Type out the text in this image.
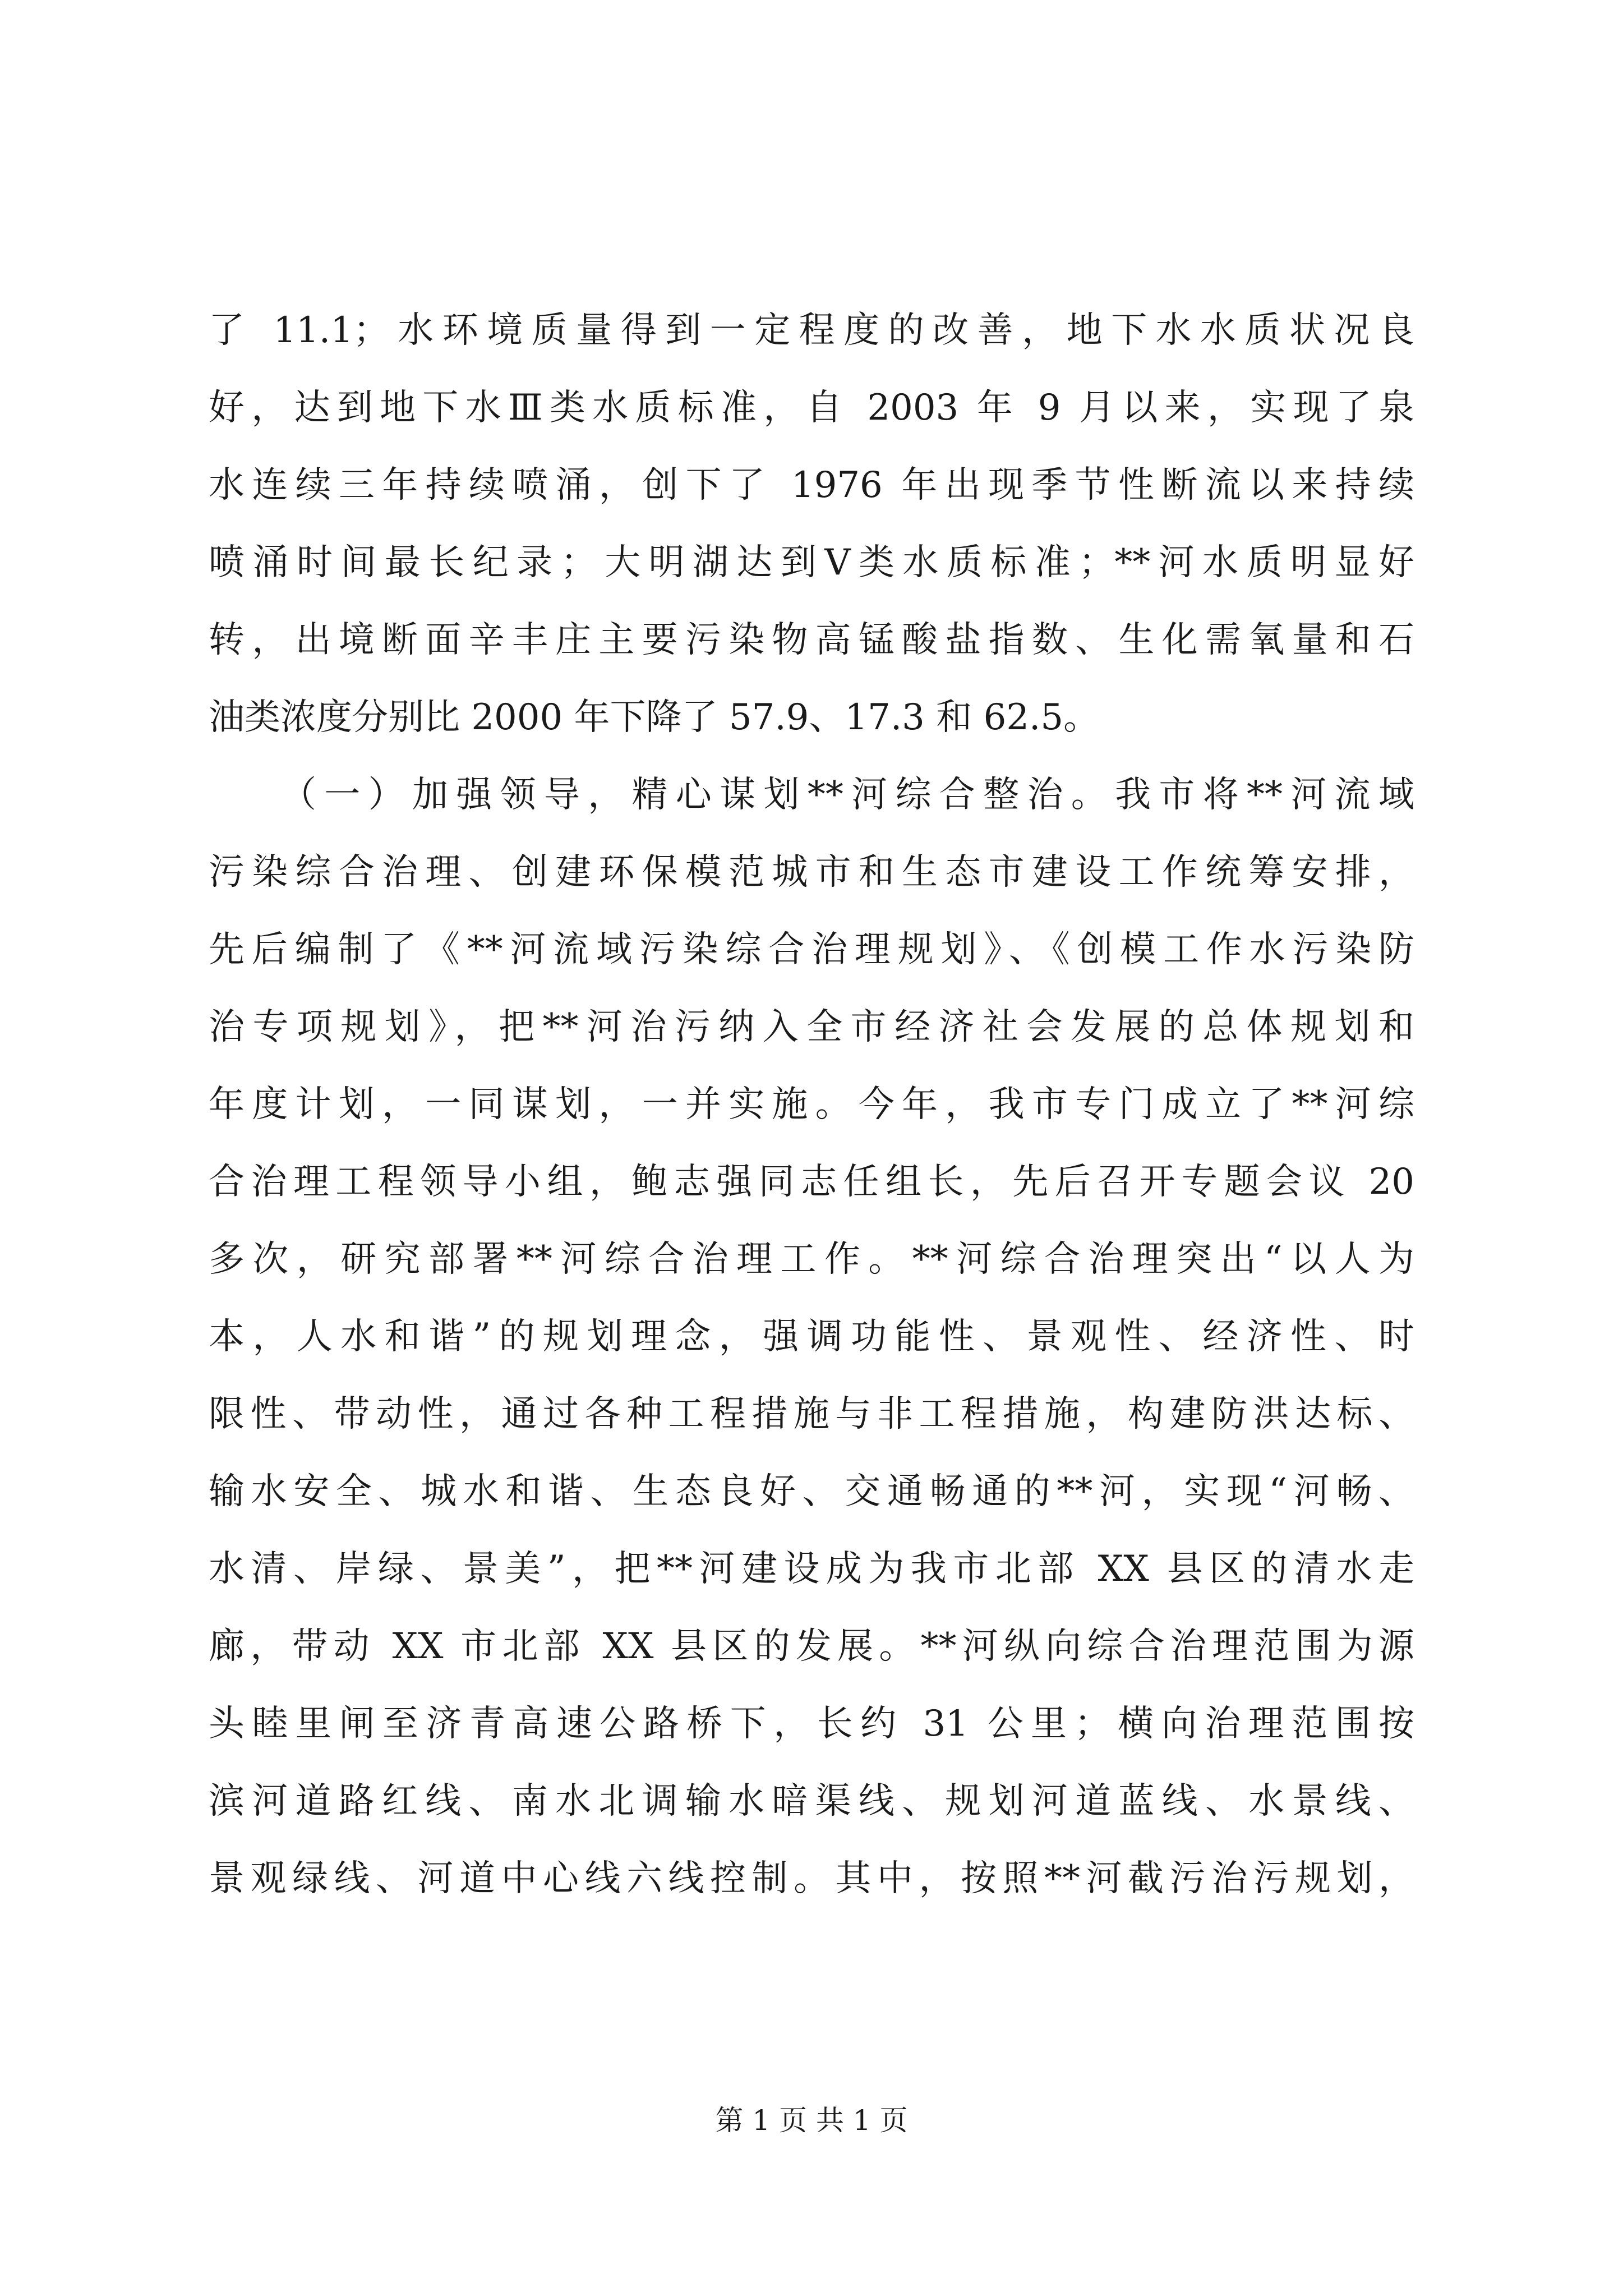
了 11.1；水环境质量得到一定程度的改善，地下水水质状况良
好，达到地下水Ⅲ类水质标准，自 2003 年 9 月以来，实现了泉
水连续三年持续喷涌，创下了 1976 年出现季节性断流以来持续
喷涌时间最长纪录；大明湖达到Ⅴ类水质标准；**河水质明显好
转，出境断面辛丰庄主要污染物高锰酸盐指数、生化需氧量和石
油类浓度分别比 2000 年下降了 57.9、17.3 和 62.5。
（一）加强领导，精心谋划**河综合整治。我市将**河流域
污染综合治理、创建环保模范城市和生态市建设工作统筹安排，
先后编制了《**河流域污染综合治理规划》、《创模工作水污染防
治专项规划》，把**河治污纳入全市经济社会发展的总体规划和
年度计划，一同谋划，一并实施。今年，我市专门成立了**河综
合治理工程领导小组，鲍志强同志任组长，先后召开专题会议 20
多次，研究部署**河综合治理工作。**河综合治理突出“以人为
本，人水和谐”的规划理念，强调功能性、景观性、经济性、时
限性、带动性，通过各种工程措施与非工程措施，构建防洪达标、
输水安全、城水和谐、生态良好、交通畅通的**河，实现“河畅、
水清、岸绿、景美”，把**河建设成为我市北部 XX 县区的清水走
廊，带动 XX 市北部 XX 县区的发展。**河纵向综合治理范围为源
头睦里闸至济青高速公路桥下，长约 31 公里；横向治理范围按
滨河道路红线、南水北调输水暗渠线、规划河道蓝线、水景线、
景观绿线、河道中心线六线控制。其中，按照**河截污治污规划，
第 1 页 共 1 页
